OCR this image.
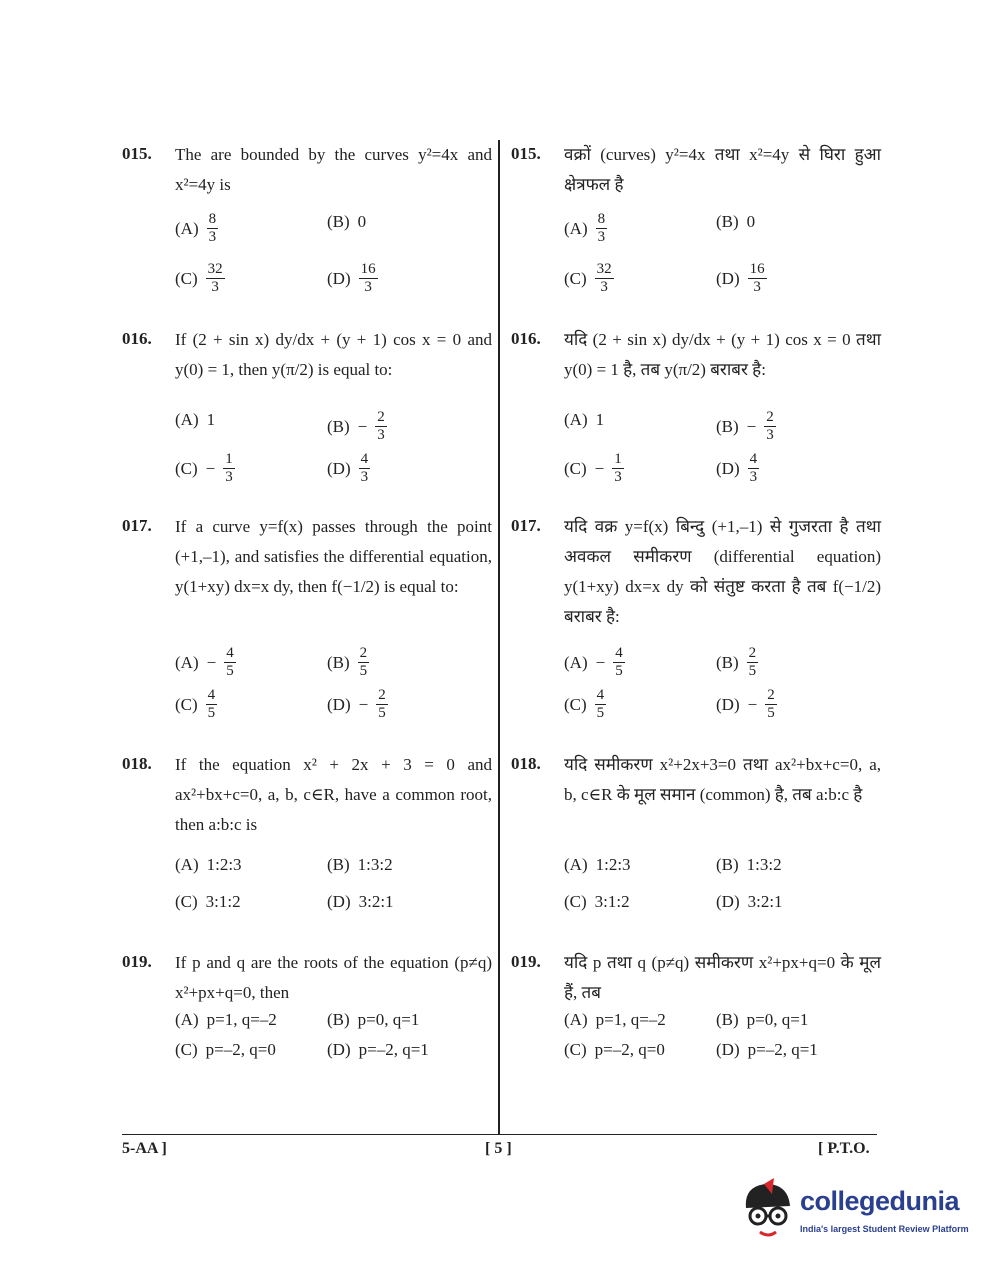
015. The are bounded by the curves y²=4x and x²=4y is
$(A) \frac{8}{3}$	(B) 0
$(C) \frac{32}{3}$	$(D) \frac{16}{3}$
016. If (2 + sin x) dy/dx + (y + 1) cos x = 0 and y(0) = 1, then y(π/2) is equal to:
(A) 1	$(B) - \frac{2}{3}$
$(C) - \frac{1}{3}$	$(D) \frac{4}{3}$
017. If a curve y=f(x) passes through the point (+1,–1), and satisfies the differential equation, y(1+xy) dx=x dy, then f(−1/2) is equal to:
$(A) - \frac{4}{5}$	$(B) \frac{2}{5}$
$(C) \frac{4}{5}$	$(D) - \frac{2}{5}$
018. If the equation x² + 2x + 3 = 0 and ax²+bx+c=0, a, b, c∈R, have a common root, then a:b:c is
(A) 1:2:3	(B) 1:3:2
(C) 3:1:2	(D) 3:2:1
019. If p and q are the roots of the equation (p≠q) x²+px+q=0, then
(A) p=1, q=–2	(B) p=0, q=1
(C) p=–2, q=0	(D) p=–2, q=1
015. वक्रों (curves) y²=4x तथा x²=4y से घिरा हुआ क्षेत्रफल है
$(A) \frac{8}{3}$	(B) 0
$(C) \frac{32}{3}$	$(D) \frac{16}{3}$
016. यदि (2 + sin x) dy/dx + (y + 1) cos x = 0 तथा y(0) = 1 है, तब y(π/2) बराबर है:
(A) 1	$(B) - \frac{2}{3}$
$(C) - \frac{1}{3}$	$(D) \frac{4}{3}$
017. यदि वक्र y=f(x) बिन्दु (+1,–1) से गुजरता है तथा अवकल समीकरण (differential equation) y(1+xy) dx=x dy को संतुष्ट करता है तब f(−1/2) बराबर है:
$(A) - \frac{4}{5}$	$(B) \frac{2}{5}$
$(C) \frac{4}{5}$	$(D) - \frac{2}{5}$
018. यदि समीकरण x²+2x+3=0 तथा ax²+bx+c=0, a, b, c∈R के मूल समान (common) है, तब a:b:c है
(A) 1:2:3	(B) 1:3:2
(C) 3:1:2	(D) 3:2:1
019. यदि p तथा q (p≠q) समीकरण x²+px+q=0 के मूल हैं, तब
(A) p=1, q=–2	(B) p=0, q=1
(C) p=–2, q=0	(D) p=–2, q=1
5-AA ]	[ 5 ]	[ P.T.O.
collegedunia
India's largest Student Review Platform
